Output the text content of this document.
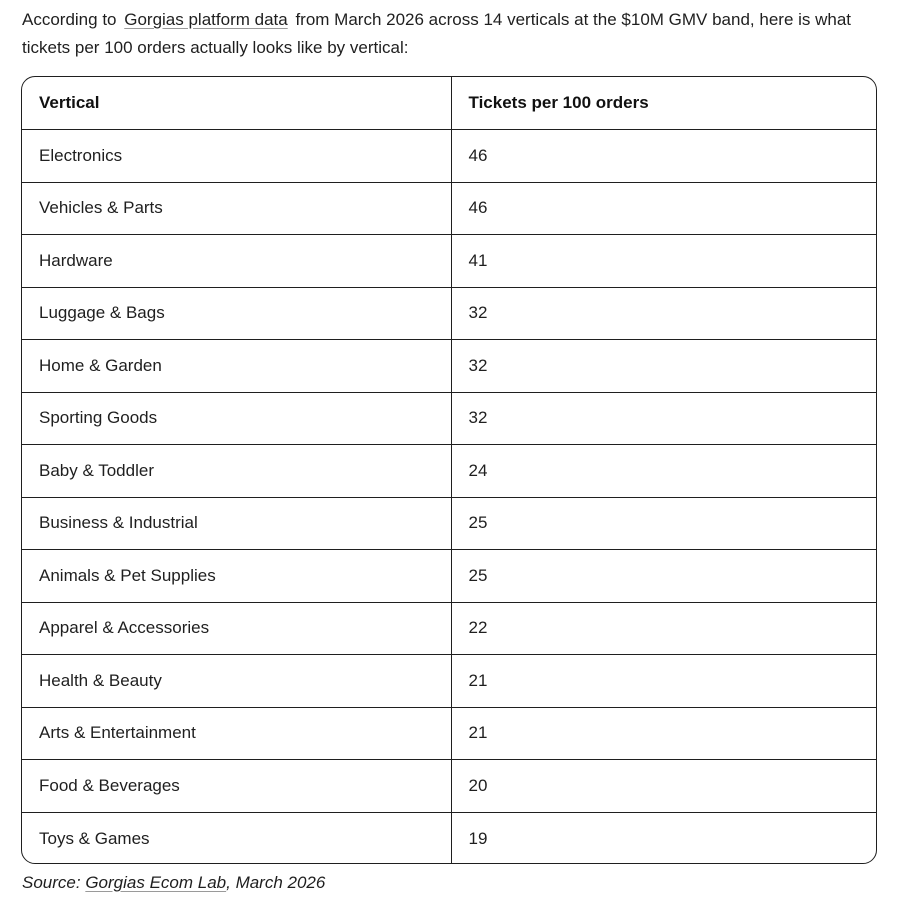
According to Gorgias platform data from March 2026 across 14 verticals at the $10M GMV band, here is what tickets per 100 orders actually looks like by vertical:

Vertical	Tickets per 100 orders
Electronics	46
Vehicles & Parts	46
Hardware	41
Luggage & Bags	32
Home & Garden	32
Sporting Goods	32
Baby & Toddler	24
Business & Industrial	25
Animals & Pet Supplies	25
Apparel & Accessories	22
Health & Beauty	21
Arts & Entertainment	21
Food & Beverages	20
Toys & Games	19

Source: Gorgias Ecom Lab, March 2026
